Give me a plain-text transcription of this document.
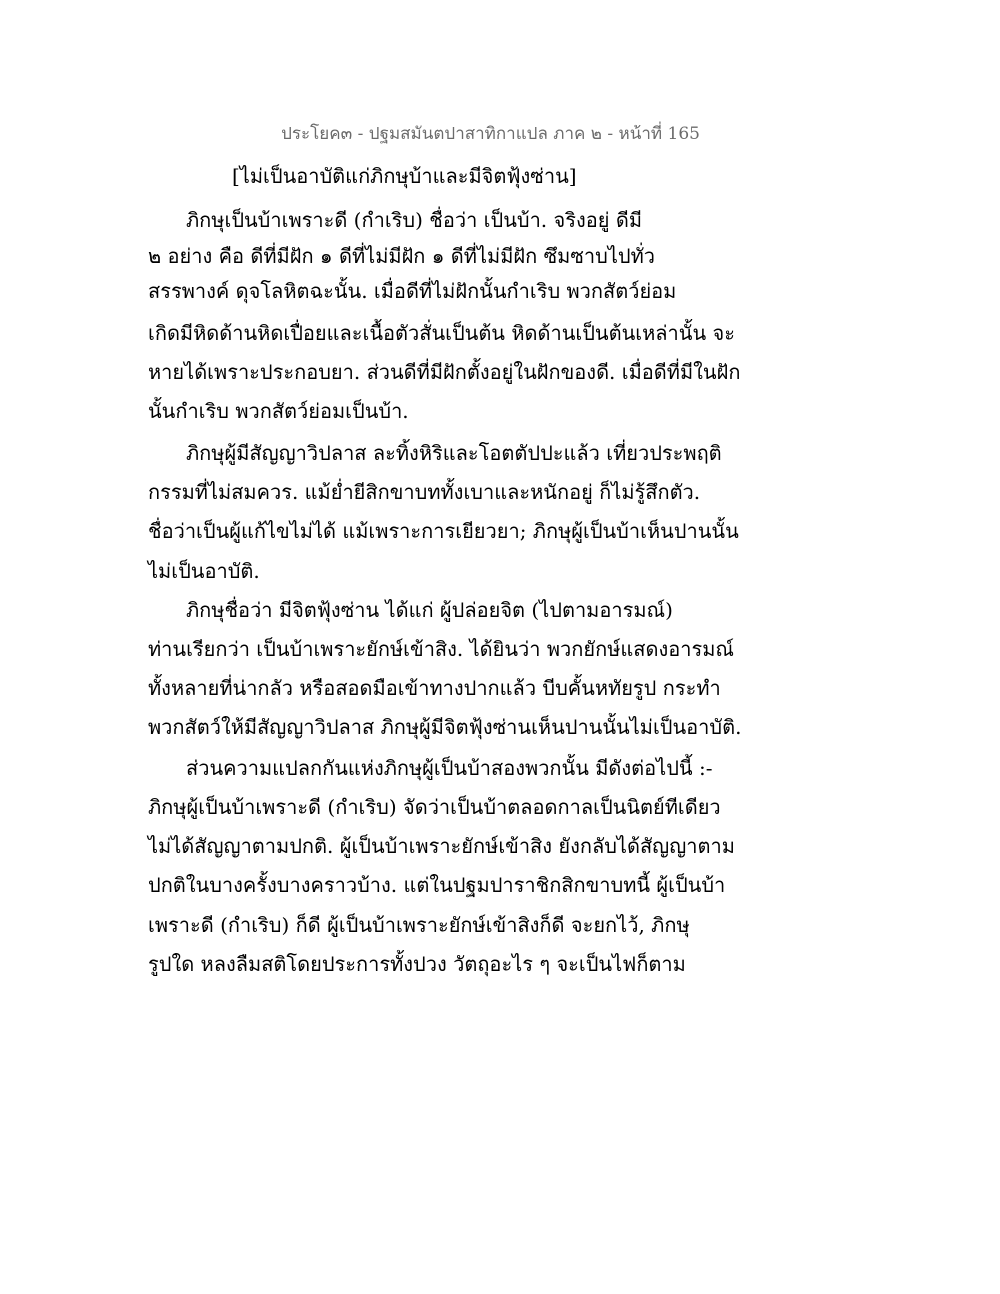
ประโยค๓ - ปฐมสมันตปาสาทิกาแปล ภาค ๒ - หน้าที่ 165
[ไม่เป็นอาบัติแก่ภิกษุบ้าและมีจิตฟุ้งซ่าน]
ภิกษุเป็นบ้าเพราะดี (กำเริบ) ชื่อว่า เป็นบ้า. จริงอยู่ ดีมี
๒ อย่าง คือ ดีที่มีฝัก ๑ ดีที่ไม่มีฝัก ๑ ดีที่ไม่มีฝัก ซึมซาบไปทั่ว
สรรพางค์ ดุจโลหิตฉะนั้น. เมื่อดีที่ไม่ฝักนั้นกำเริบ พวกสัตว์ย่อม
เกิดมีหิดด้านหิดเปื่อยและเนื้อตัวสั่นเป็นต้น หิดด้านเป็นต้นเหล่านั้น จะ
หายได้เพราะประกอบยา. ส่วนดีที่มีฝักตั้งอยู่ในฝักของดี. เมื่อดีที่มีในฝัก
นั้นกำเริบ พวกสัตว์ย่อมเป็นบ้า.
ภิกษุผู้มีสัญญาวิปลาส ละทิ้งหิริและโอตตัปปะแล้ว เที่ยวประพฤติ
กรรมที่ไม่สมควร. แม้ย่ำยีสิกขาบททั้งเบาและหนักอยู่ ก็ไม่รู้สึกตัว.
ชื่อว่าเป็นผู้แก้ไขไม่ได้ แม้เพราะการเยียวยา; ภิกษุผู้เป็นบ้าเห็นปานนั้น
ไม่เป็นอาบัติ.
ภิกษุชื่อว่า มีจิตฟุ้งซ่าน ได้แก่ ผู้ปล่อยจิต (ไปตามอารมณ์)
ท่านเรียกว่า เป็นบ้าเพราะยักษ์เข้าสิง. ได้ยินว่า พวกยักษ์แสดงอารมณ์
ทั้งหลายที่น่ากลัว หรือสอดมือเข้าทางปากแล้ว บีบคั้นหทัยรูป กระทำ
พวกสัตว์ให้มีสัญญาวิปลาส ภิกษุผู้มีจิตฟุ้งซ่านเห็นปานนั้นไม่เป็นอาบัติ.
ส่วนความแปลกกันแห่งภิกษุผู้เป็นบ้าสองพวกนั้น มีดังต่อไปนี้ :-
ภิกษุผู้เป็นบ้าเพราะดี (กำเริบ) จัดว่าเป็นบ้าตลอดกาลเป็นนิตย์ทีเดียว
ไม่ได้สัญญาตามปกติ. ผู้เป็นบ้าเพราะยักษ์เข้าสิง ยังกลับได้สัญญาตาม
ปกติในบางครั้งบางคราวบ้าง. แต่ในปฐมปาราชิกสิกขาบทนี้ ผู้เป็นบ้า
เพราะดี (กำเริบ) ก็ดี ผู้เป็นบ้าเพราะยักษ์เข้าสิงก็ดี จะยกไว้, ภิกษุ
รูปใด หลงลืมสติโดยประการทั้งปวง วัตถุอะไร ๆ จะเป็นไฟก็ตาม
